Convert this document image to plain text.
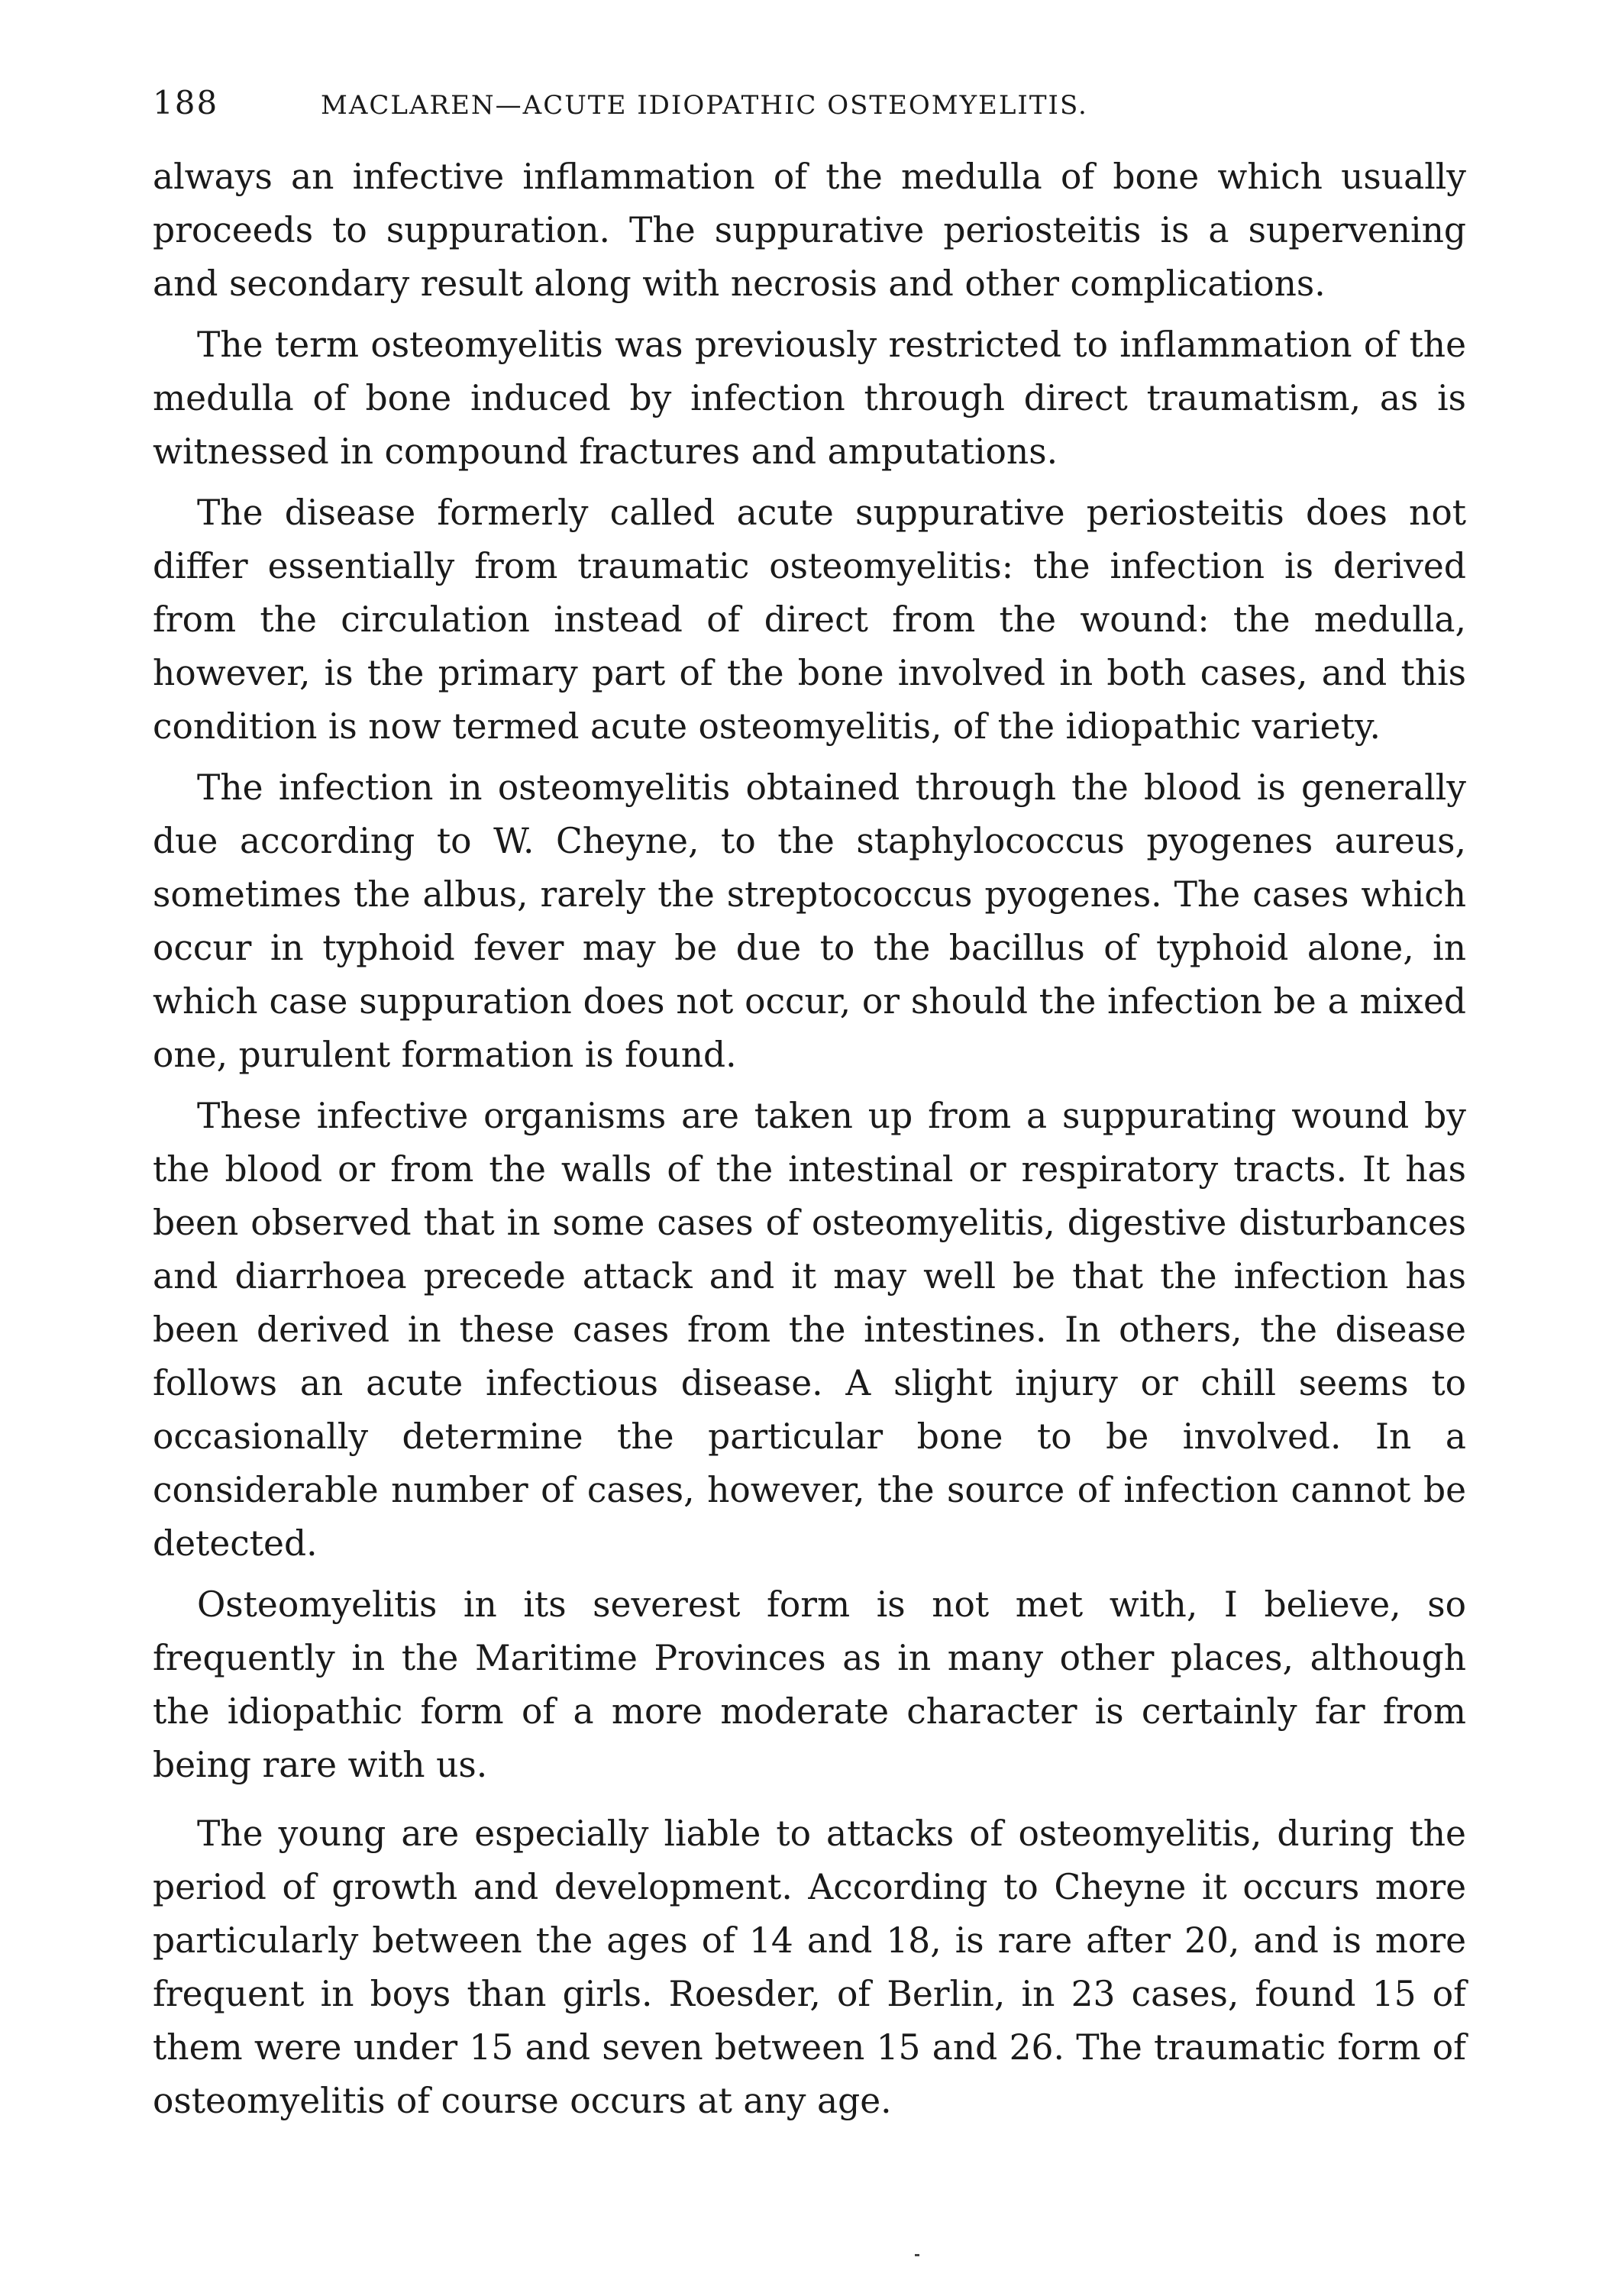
188	MACLAREN—ACUTE IDIOPATHIC OSTEOMYELITIS.

always an infective inflammation of the medulla of bone which usually proceeds to suppuration. The suppurative periosteitis is a supervening and secondary result along with necrosis and other complications.

The term osteomyelitis was previously restricted to inflammation of the medulla of bone induced by infection through direct traumatism, as is witnessed in compound fractures and amputations.

The disease formerly called acute suppurative periosteitis does not differ essentially from traumatic osteomyelitis: the infection is derived from the circulation instead of direct from the wound: the medulla, however, is the primary part of the bone involved in both cases, and this condition is now termed acute osteomyelitis, of the idiopathic variety.

The infection in osteomyelitis obtained through the blood is generally due according to W. Cheyne, to the staphylococcus pyogenes aureus, sometimes the albus, rarely the streptococcus pyogenes. The cases which occur in typhoid fever may be due to the bacillus of typhoid alone, in which case suppuration does not occur, or should the infection be a mixed one, purulent formation is found.

These infective organisms are taken up from a suppurating wound by the blood or from the walls of the intestinal or respiratory tracts. It has been observed that in some cases of osteomyelitis, digestive disturbances and diarrhoea precede attack and it may well be that the infection has been derived in these cases from the intestines. In others, the disease follows an acute infectious disease. A slight injury or chill seems to occasionally determine the particular bone to be involved. In a considerable number of cases, however, the source of infection cannot be detected.

Osteomyelitis in its severest form is not met with, I believe, so frequently in the Maritime Provinces as in many other places, although the idiopathic form of a more moderate character is certainly far from being rare with us.

The young are especially liable to attacks of osteomyelitis, during the period of growth and development. According to Cheyne it occurs more particularly between the ages of 14 and 18, is rare after 20, and is more frequent in boys than girls. Roesder, of Berlin, in 23 cases, found 15 of them were under 15 and seven between 15 and 26. The traumatic form of osteomyelitis of course occurs at any age.
